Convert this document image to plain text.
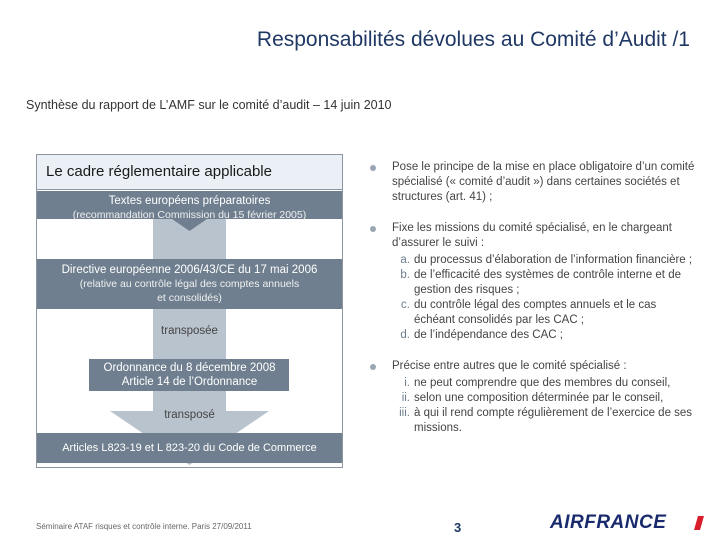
Responsabilités dévolues au Comité d’Audit /1
Synthèse du rapport de L’AMF sur le comité d’audit – 14 juin 2010
Le cadre réglementaire applicable
Textes européens préparatoires
(recommandation Commission du 15 février 2005)
Directive européenne 2006/43/CE du 17 mai 2006
(relative au contrôle légal des comptes annuels
et consolidés)
transposée
Ordonnance du 8 décembre 2008
Article 14 de l’Ordonnance
transposé
Articles L823-19 et L 823-20 du Code de Commerce
Pose le principe de la mise en place obligatoire d’un comité spécialisé (« comité d’audit ») dans certaines sociétés et structures (art. 41) ;
Fixe les missions du comité spécialisé, en le chargeant d’assurer le suivi :
a. du processus d’élaboration de l’information financière ;
b. de l’efficacité des systèmes de contrôle interne et de gestion des risques ;
c. du contrôle légal des comptes annuels et le cas échéant consolidés par les CAC ;
d. de l’indépendance des CAC ;
Précise entre autres que le comité spécialisé :
i. ne peut comprendre que des membres du conseil,
ii. selon une composition déterminée par le conseil,
iii. à qui il rend compte régulièrement de l’exercice de ses missions.
Séminaire ATAF risques et contrôle interne. Paris 27/09/2011	3	AIRFRANCE
